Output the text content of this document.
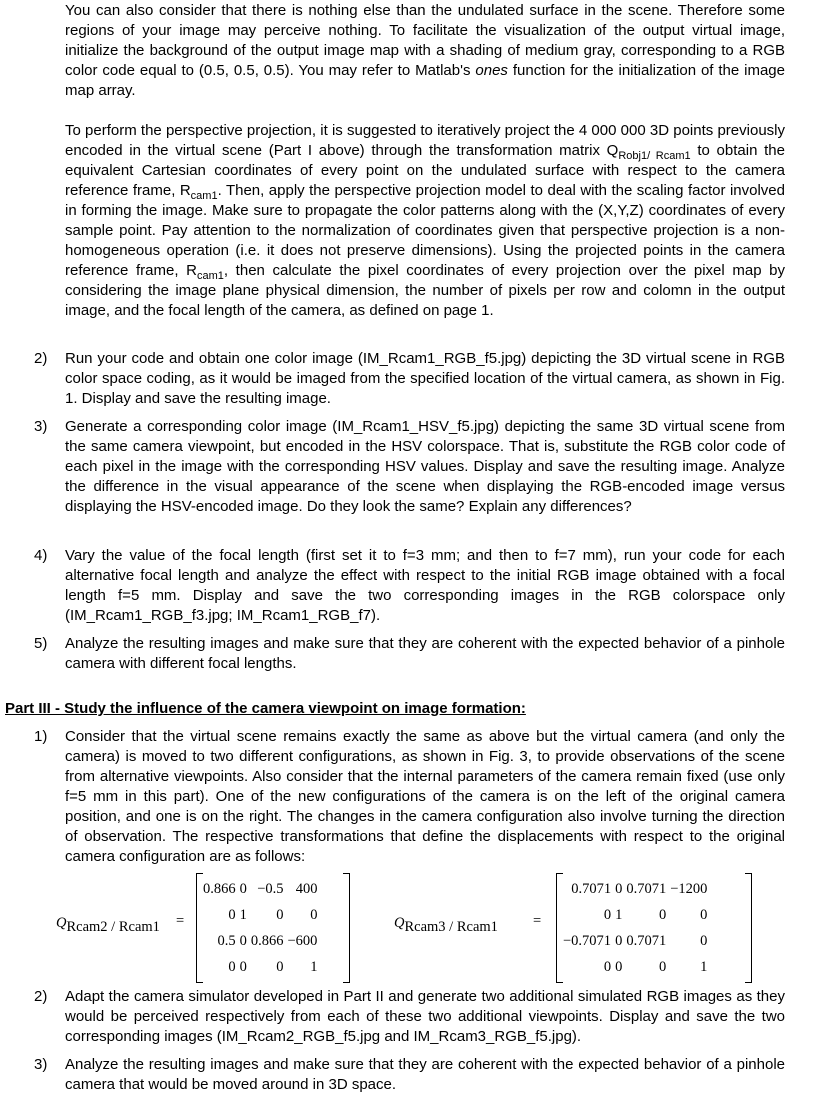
You can also consider that there is nothing else than the undulated surface in the scene. Therefore some regions of your image may perceive nothing. To facilitate the visualization of the output virtual image, initialize the background of the output image map with a shading of medium gray, corresponding to a RGB color code equal to (0.5, 0.5, 0.5). You may refer to Matlab's ones function for the initialization of the image map array.

To perform the perspective projection, it is suggested to iteratively project the 4 000 000 3D points previously encoded in the virtual scene (Part I above) through the transformation matrix $Q_{Robj1/ Rcam1}$ to obtain the equivalent Cartesian coordinates of every point on the undulated surface with respect to the camera reference frame, $R_{cam1}$. Then, apply the perspective projection model to deal with the scaling factor involved in forming the image. Make sure to propagate the color patterns along with the (X,Y,Z) coordinates of every sample point. Pay attention to the normalization of coordinates given that perspective projection is a non-homogeneous operation (i.e. it does not preserve dimensions). Using the projected points in the camera reference frame, $R_{cam1}$, then calculate the pixel coordinates of every projection over the pixel map by considering the image plane physical dimension, the number of pixels per row and colomn in the output image, and the focal length of the camera, as defined on page 1.

2) Run your code and obtain one color image (IM_Rcam1_RGB_f5.jpg) depicting the 3D virtual scene in RGB color space coding, as it would be imaged from the specified location of the virtual camera, as shown in Fig. 1. Display and save the resulting image.
3) Generate a corresponding color image (IM_Rcam1_HSV_f5.jpg) depicting the same 3D virtual scene from the same camera viewpoint, but encoded in the HSV colorspace. That is, substitute the RGB color code of each pixel in the image with the corresponding HSV values. Display and save the resulting image. Analyze the difference in the visual appearance of the scene when displaying the RGB-encoded image versus displaying the HSV-encoded image. Do they look the same? Explain any differences?
4) Vary the value of the focal length (first set it to f=3 mm; and then to f=7 mm), run your code for each alternative focal length and analyze the effect with respect to the initial RGB image obtained with a focal length f=5 mm. Display and save the two corresponding images in the RGB colorspace only (IM_Rcam1_RGB_f3.jpg; IM_Rcam1_RGB_f7).
5) Analyze the resulting images and make sure that they are coherent with the expected behavior of a pinhole camera with different focal lengths.
Part III - Study the influence of the camera viewpoint on image formation:
1) Consider that the virtual scene remains exactly the same as above but the virtual camera (and only the camera) is moved to two different configurations, as shown in Fig. 3, to provide observations of the scene from alternative viewpoints. Also consider that the internal parameters of the camera remain fixed (use only f=5 mm in this part). One of the new configurations of the camera is on the left of the original camera position, and one is on the right. The changes in the camera configuration also involve turning the direction of observation. The respective transformations that define the displacements with respect to the original camera configuration are as follows:
$Q_{Rcam2 / Rcam1}$ =
0.866	0	−0.5	400
0	1	0	0
0.5	0	0.866	−600
0	0	0	1
$Q_{Rcam3 / Rcam1}$ =
0.7071	0	0.7071	−1200
0	1	0	0
−0.7071	0	0.7071	0
0	0	0	1
2) Adapt the camera simulator developed in Part II and generate two additional simulated RGB images as they would be perceived respectively from each of these two additional viewpoints. Display and save the two corresponding images (IM_Rcam2_RGB_f5.jpg and IM_Rcam3_RGB_f5.jpg).
3) Analyze the resulting images and make sure that they are coherent with the expected behavior of a pinhole camera that would be moved around in 3D space.
